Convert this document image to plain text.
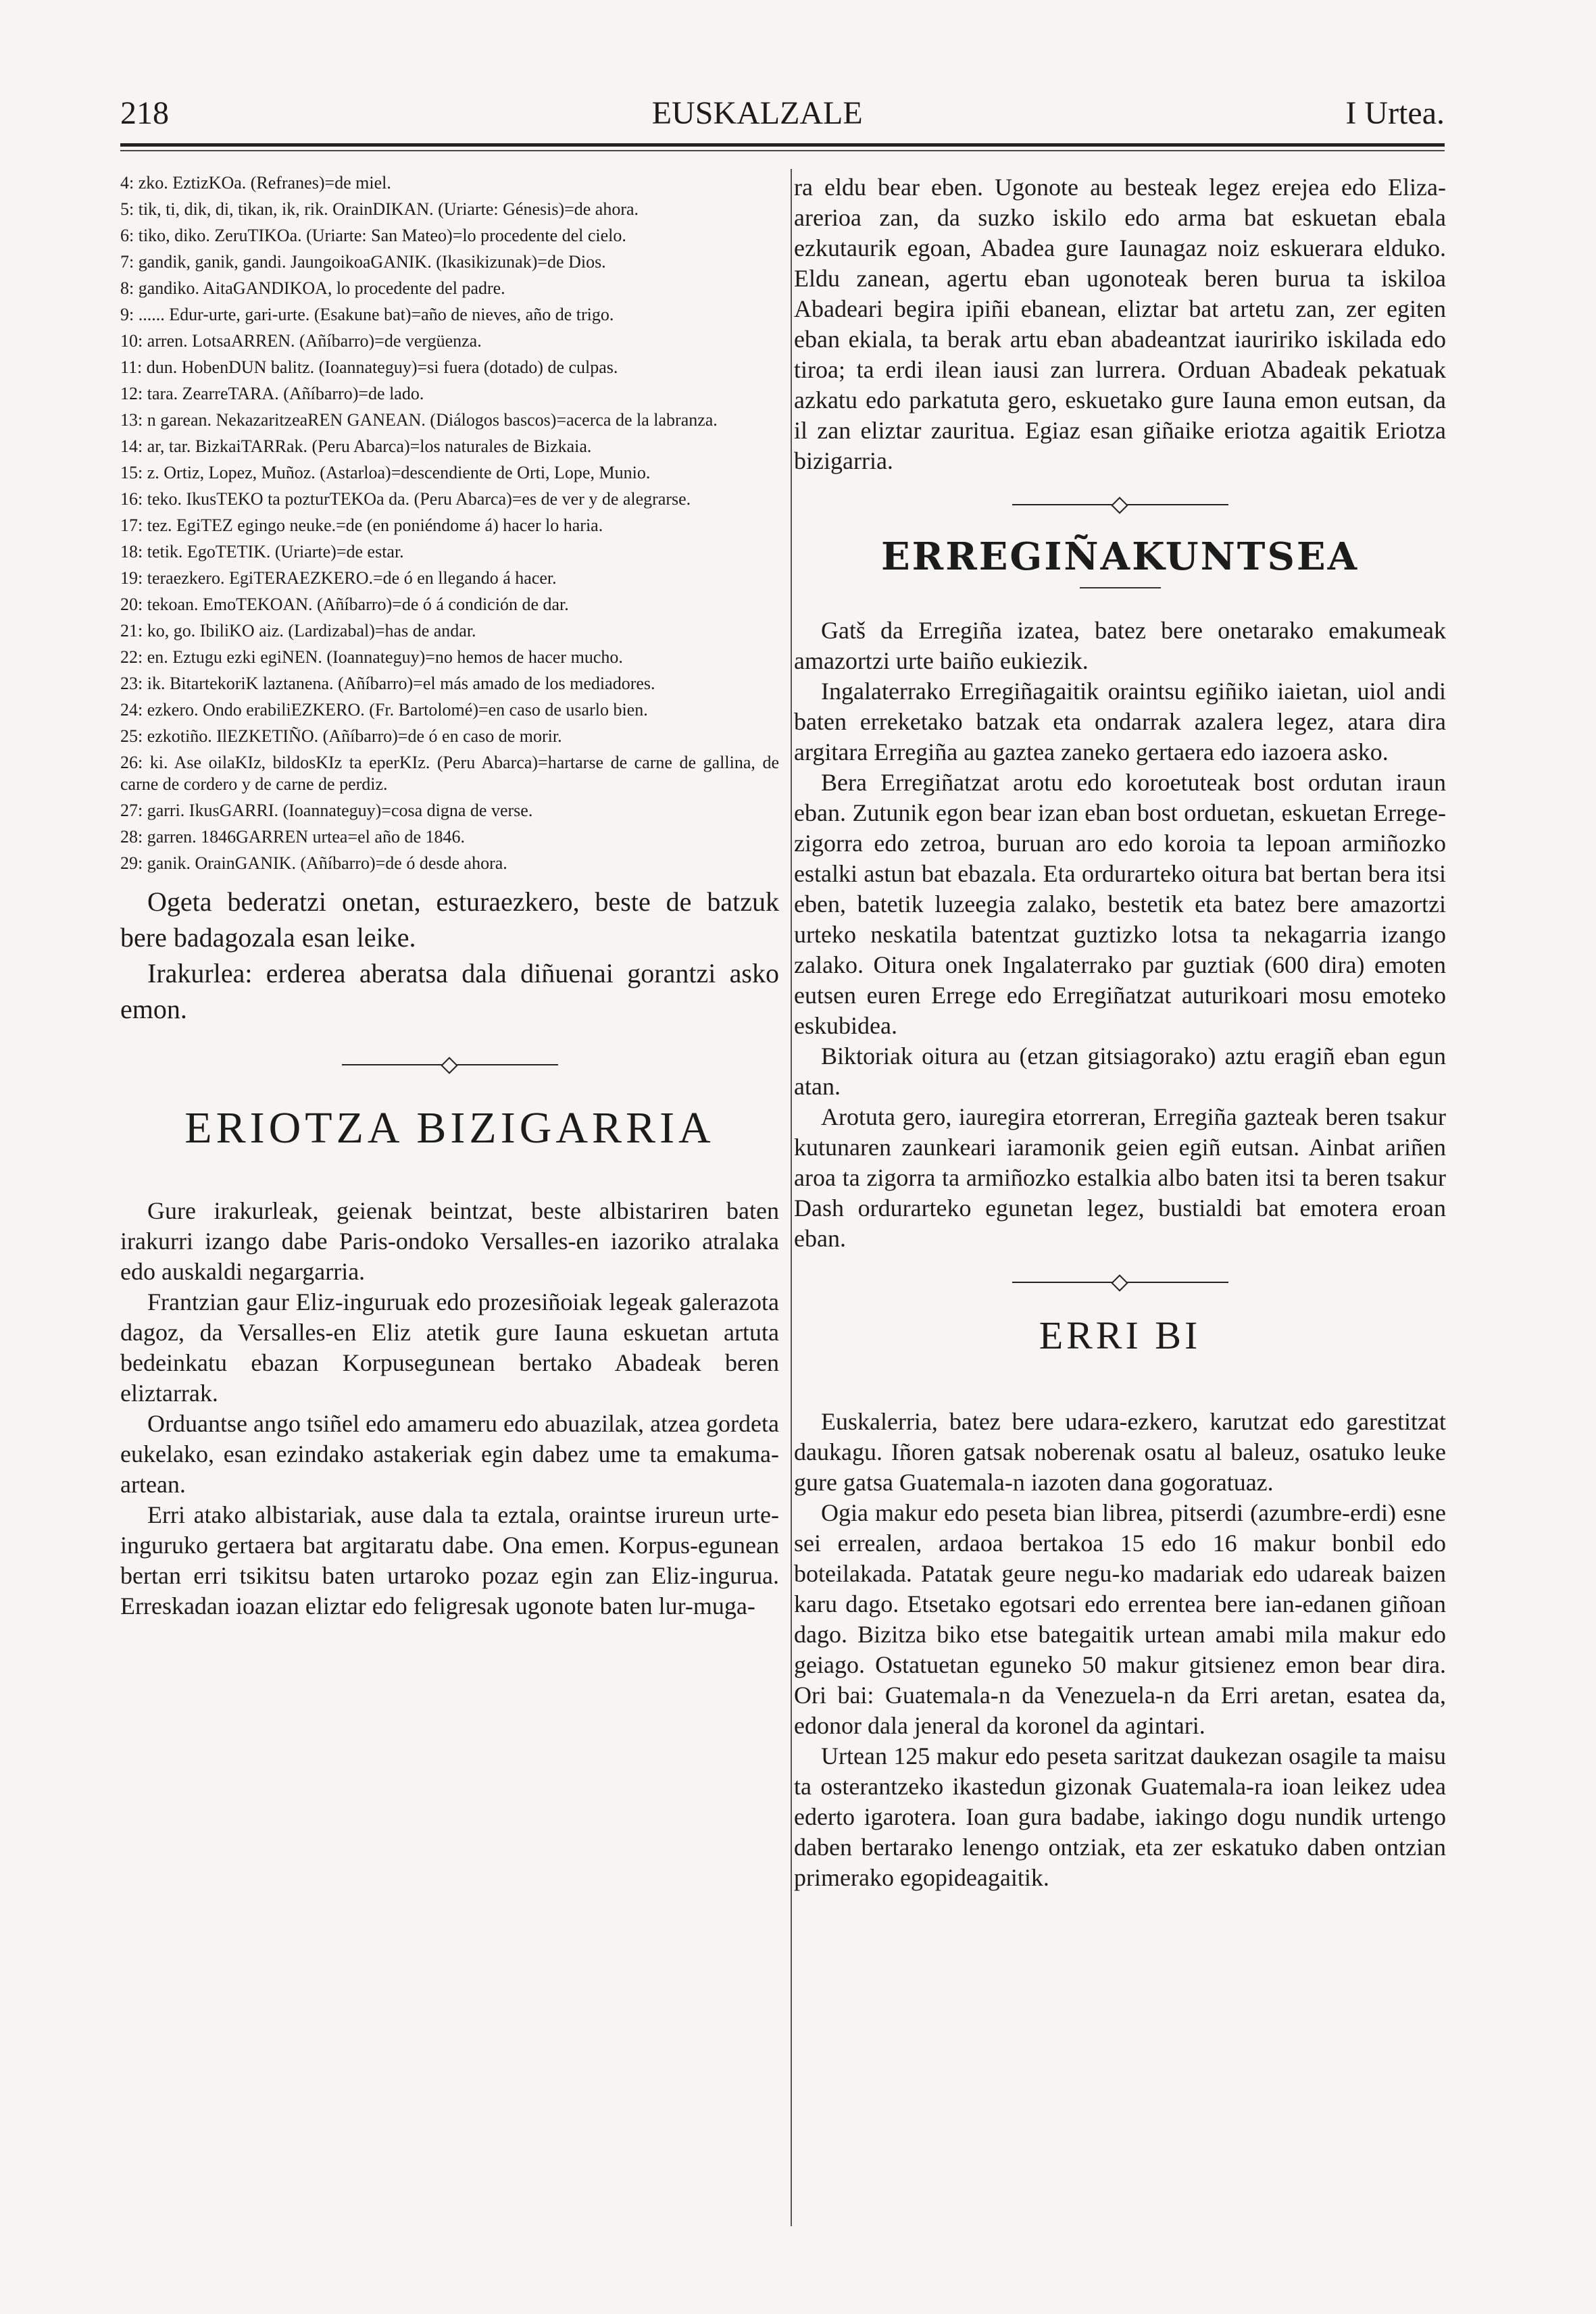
218	EUSKALZALE	I Urtea.

4: zko. EztizKOa. (Refranes)=de miel.

5: tik, ti, dik, di, tikan, ik, rik. OrainDIKAN. (Uriarte: Génesis)=de ahora.

6: tiko, diko. ZeruTIKOa. (Uriarte: San Mateo)=lo procedente del cielo.

7: gandik, ganik, gandi. JaungoikoaGANIK. (Ikasikizunak)=de Dios.

8: gandiko. AitaGANDIKOA, lo procedente del padre.

9: ...... Edur-urte, gari-urte. (Esakune bat)=año de nieves, año de trigo.

10: arren. LotsaARREN. (Añíbarro)=de vergüenza.

11: dun. HobenDUN balitz. (Ioannateguy)=si fuera (dotado) de culpas.

12: tara. ZearreTARA. (Añíbarro)=de lado.

13: n garean. NekazaritzeaREN GANEAN. (Diálogos bascos)=acerca de la labranza.

14: ar, tar. BizkaiTARRak. (Peru Abarca)=los naturales de Bizkaia.

15: z. Ortiz, Lopez, Muñoz. (Astarloa)=descendiente de Orti, Lope, Munio.

16: teko. IkusTEKO ta pozturTEKOa da. (Peru Abarca)=es de ver y de alegrarse.

17: tez. EgiTEZ egingo neuke.=de (en poniéndome á) hacer lo haria.

18: tetik. EgoTETIK. (Uriarte)=de estar.

19: teraezkero. EgiTERAEZKERO.=de ó en llegando á hacer.

20: tekoan. EmoTEKOAN. (Añíbarro)=de ó á condición de dar.

21: ko, go. IbiliKO aiz. (Lardizabal)=has de andar.

22: en. Eztugu ezki egiNEN. (Ioannateguy)=no hemos de hacer mucho.

23: ik. BitartekoriK laztanena. (Añíbarro)=el más amado de los mediadores.

24: ezkero. Ondo erabiliEZKERO. (Fr. Bartolomé)=en caso de usarlo bien.

25: ezkotiño. IlEZKETIÑO. (Añíbarro)=de ó en caso de morir.

26: ki. Ase oilaKIz, bildosKIz ta eperKIz. (Peru Abarca)=hartarse de carne de gallina, de carne de cordero y de carne de perdiz.

27: garri. IkusGARRI. (Ioannateguy)=cosa digna de verse.

28: garren. 1846GARREN urtea=el año de 1846.

29: ganik. OrainGANIK. (Añíbarro)=de ó desde ahora.

Ogeta bederatzi onetan, esturaezkero, beste de batzuk bere badagozala esan leike.

Irakurlea: erderea aberatsa dala diñuenai gorantzi asko emon.

ERIOTZA BIZIGARRIA

Gure irakurleak, geienak beintzat, beste albistariren baten irakurri izango dabe Paris-ondoko Versalles-en iazoriko atralaka edo auskaldi negargarria.

Frantzian gaur Eliz-inguruak edo prozesiñoiak legeak galerazota dagoz, da Versalles-en Eliz atetik gure Iauna eskuetan artuta bedeinkatu ebazan Korpusegunean bertako Abadeak beren eliztarrak.

Orduantse ango tsiñel edo amameru edo abuazilak, atzea gordeta eukelako, esan ezindako astakeriak egin dabez ume ta emakuma-artean.

Erri atako albistariak, ause dala ta eztala, oraintse irureun urte-inguruko gertaera bat argitaratu dabe. Ona emen. Korpus-egunean bertan erri tsikitsu baten urtaroko pozaz egin zan Eliz-ingurua. Erreskadan ioazan eliztar edo feligresak ugonote baten lur-muga-

ra eldu bear eben. Ugonote au besteak legez erejea edo Eliza-arerioa zan, da suzko iskilo edo arma bat eskuetan ebala ezkutaurik egoan, Abadea gure Iaunagaz noiz eskuerara elduko. Eldu zanean, agertu eban ugonoteak beren burua ta iskiloa Abadeari begira ipiñi ebanean, eliztar bat artetu zan, zer egiten eban ekiala, ta berak artu eban abadeantzat iauririko iskilada edo tiroa; ta erdi ilean iausi zan lurrera. Orduan Abadeak pekatuak azkatu edo parkatuta gero, eskuetako gure Iauna emon eutsan, da il zan eliztar zauritua. Egiaz esan giñaike eriotza agaitik Eriotza bizigarria.

ERREGIÑAKUNTSEA

Gatš da Erregiña izatea, batez bere onetarako emakumeak amazortzi urte baiño eukiezik.

Ingalaterrako Erregiñagaitik oraintsu egiñiko iaietan, uiol andi baten erreketako batzak eta ondarrak azalera legez, atara dira argitara Erregiña au gaztea zaneko gertaera edo iazoera asko.

Bera Erregiñatzat arotu edo koroetuteak bost ordutan iraun eban. Zutunik egon bear izan eban bost orduetan, eskuetan Errege-zigorra edo zetroa, buruan aro edo koroia ta lepoan armiñozko estalki astun bat ebazala. Eta ordurarteko oitura bat bertan bera itsi eben, batetik luzeegia zalako, bestetik eta batez bere amazortzi urteko neskatila batentzat guztizko lotsa ta nekagarria izango zalako. Oitura onek Ingalaterrako par guztiak (600 dira) emoten eutsen euren Errege edo Erregiñatzat auturikoari mosu emoteko eskubidea.

Biktoriak oitura au (etzan gitsiagorako) aztu eragiñ eban egun atan.

Arotuta gero, iauregira etorreran, Erregiña gazteak beren tsakur kutunaren zaunkeari iaramonik geien egiñ eutsan. Ainbat ariñen aroa ta zigorra ta armiñozko estalkia albo baten itsi ta beren tsakur Dash ordurarteko egunetan legez, bustialdi bat emotera eroan eban.

ERRI BI

Euskalerria, batez bere udara-ezkero, karutzat edo garestitzat daukagu. Iñoren gatsak noberenak osatu al baleuz, osatuko leuke gure gatsa Guatemala-n iazoten dana gogoratuaz.

Ogia makur edo peseta bian librea, pitserdi (azumbre-erdi) esne sei errealen, ardaoa bertakoa 15 edo 16 makur bonbil edo boteilakada. Patatak geure negu-ko madariak edo udareak baizen karu dago. Etsetako egotsari edo errentea bere ian-edanen giñoan dago. Bizitza biko etse bategaitik urtean amabi mila makur edo geiago. Ostatuetan eguneko 50 makur gitsienez emon bear dira. Ori bai: Guatemala-n da Venezuela-n da Erri aretan, esatea da, edonor dala jeneral da koronel da agintari.

Urtean 125 makur edo peseta saritzat daukezan osagile ta maisu ta osterantzeko ikastedun gizonak Guatemala-ra ioan leikez udea ederto igarotera. Ioan gura badabe, iakingo dogu nundik urtengo daben bertarako lenengo ontziak, eta zer eskatuko daben ontzian primerako egopideagaitik.
